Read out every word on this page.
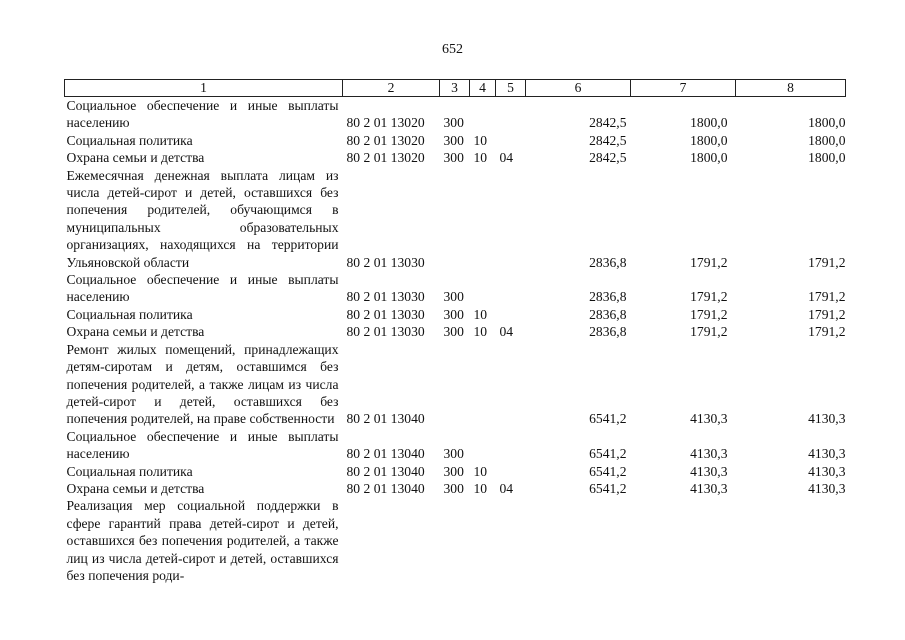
652
1	2	3	4	5	6	7	8
Социальное обеспечение и иные выплаты населению	80 2 01 13020	300			2842,5	1800,0	1800,0
Социальная политика	80 2 01 13020	300	10		2842,5	1800,0	1800,0
Охрана семьи и детства	80 2 01 13020	300	10	04	2842,5	1800,0	1800,0
Ежемесячная денежная выплата лицам из числа детей-сирот и детей, оставшихся без попечения родителей, обучающимся в муниципальных образовательных организациях, находящихся на территории Ульяновской области	80 2 01 13030				2836,8	1791,2	1791,2
Социальное обеспечение и иные выплаты населению	80 2 01 13030	300			2836,8	1791,2	1791,2
Социальная политика	80 2 01 13030	300	10		2836,8	1791,2	1791,2
Охрана семьи и детства	80 2 01 13030	300	10	04	2836,8	1791,2	1791,2
Ремонт жилых помещений, принадлежащих детям-сиротам и детям, оставшимся без попечения родителей, а также лицам из числа детей-сирот и детей, оставшихся без попечения родителей, на праве собственности	80 2 01 13040				6541,2	4130,3	4130,3
Социальное обеспечение и иные выплаты населению	80 2 01 13040	300			6541,2	4130,3	4130,3
Социальная политика	80 2 01 13040	300	10		6541,2	4130,3	4130,3
Охрана семьи и детства	80 2 01 13040	300	10	04	6541,2	4130,3	4130,3
Реализация мер социальной поддержки в сфере гарантий права детей-сирот и детей, оставшихся без попечения родителей, а также лиц из числа детей-сирот и детей, оставшихся без попечения роди-							
